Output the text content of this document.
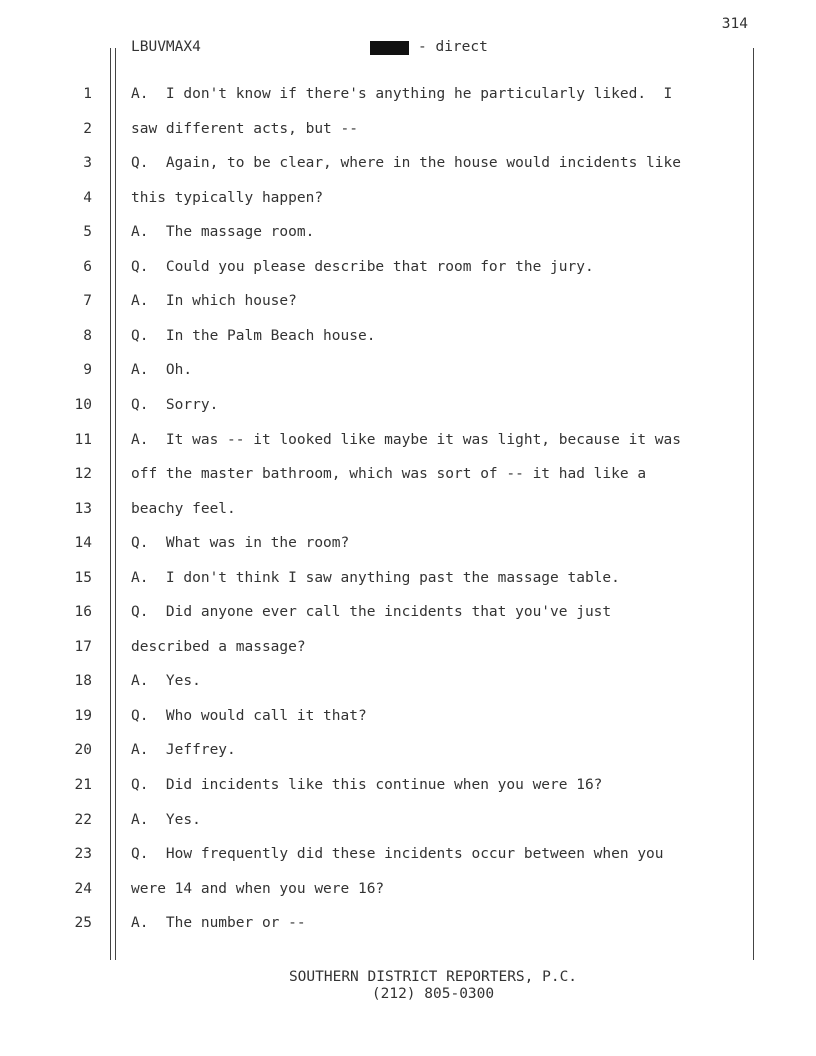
314
LBUVMAX4	- direct
1	A.  I don't know if there's anything he particularly liked.  I
2	saw different acts, but --
3	Q.  Again, to be clear, where in the house would incidents like
4	this typically happen?
5	A.  The massage room.
6	Q.  Could you please describe that room for the jury.
7	A.  In which house?
8	Q.  In the Palm Beach house.
9	A.  Oh.
10	Q.  Sorry.
11	A.  It was -- it looked like maybe it was light, because it was
12	off the master bathroom, which was sort of -- it had like a
13	beachy feel.
14	Q.  What was in the room?
15	A.  I don't think I saw anything past the massage table.
16	Q.  Did anyone ever call the incidents that you've just
17	described a massage?
18	A.  Yes.
19	Q.  Who would call it that?
20	A.  Jeffrey.
21	Q.  Did incidents like this continue when you were 16?
22	A.  Yes.
23	Q.  How frequently did these incidents occur between when you
24	were 14 and when you were 16?
25	A.  The number or --
SOUTHERN DISTRICT REPORTERS, P.C.
(212) 805-0300
